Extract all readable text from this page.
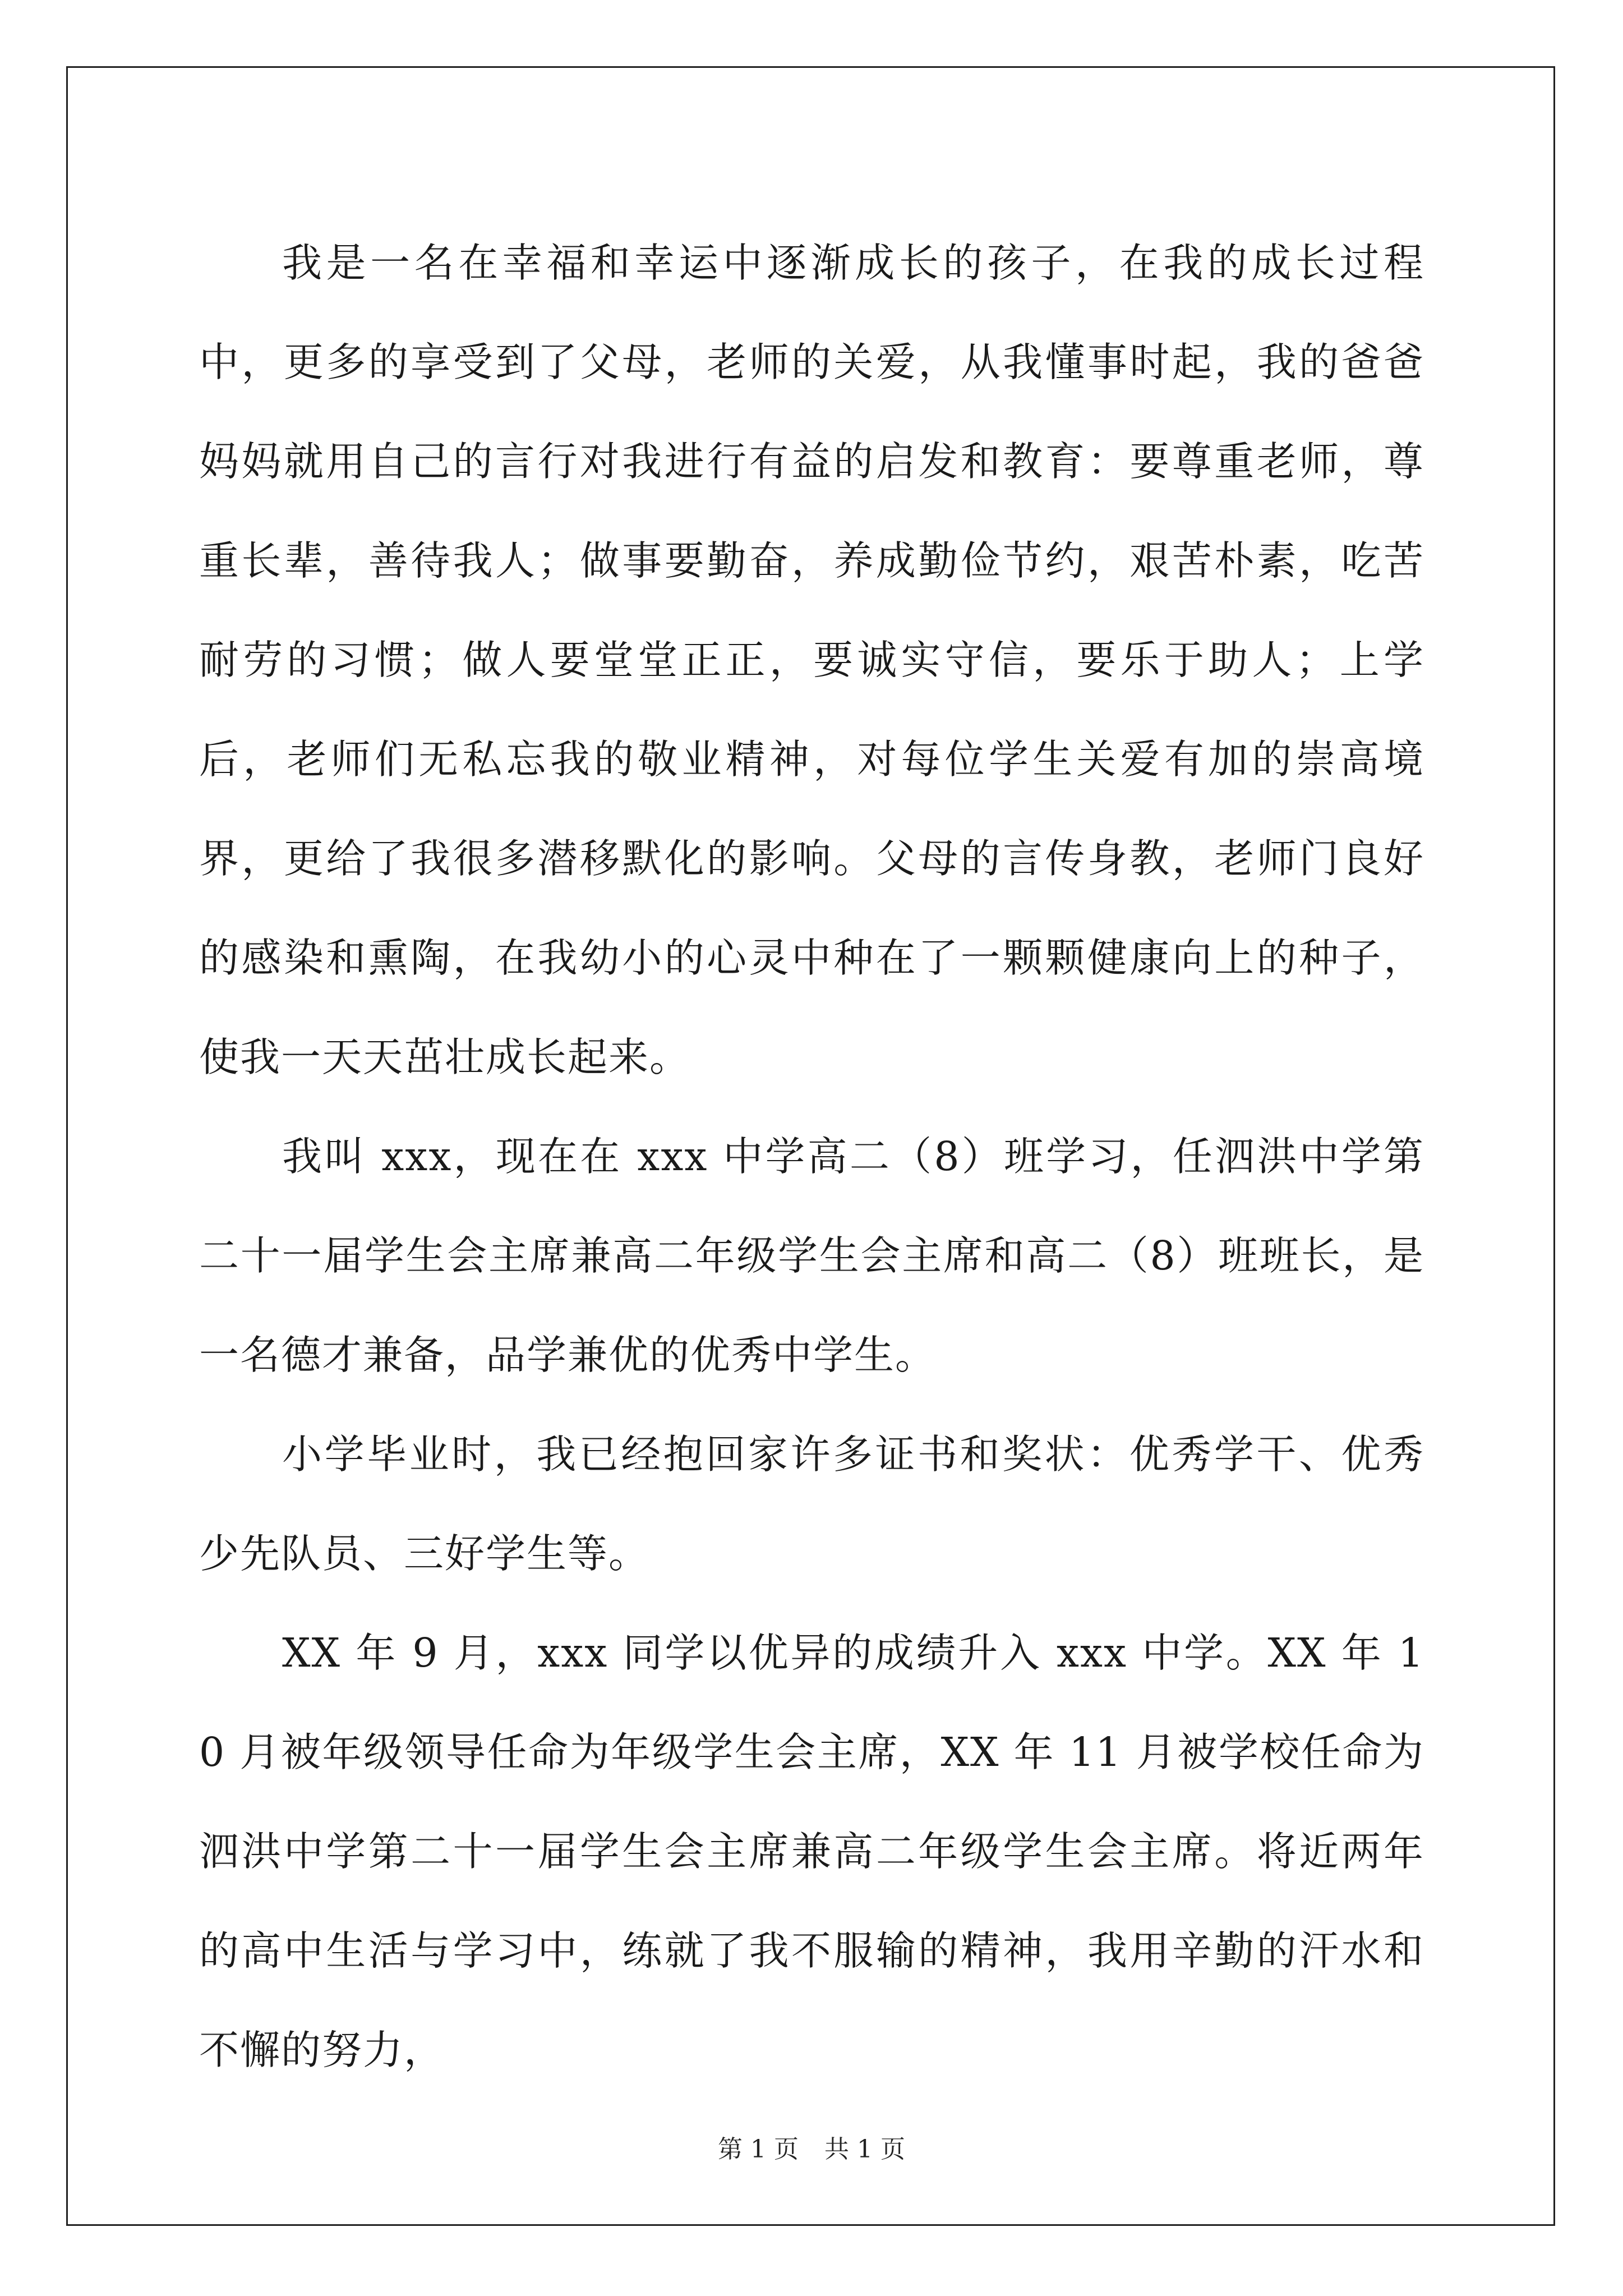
我是一名在幸福和幸运中逐渐成长的孩子，在我的成长过程中，更多的享受到了父母，老师的关爱，从我懂事时起，我的爸爸妈妈就用自己的言行对我进行有益的启发和教育：要尊重老师，尊重长辈，善待我人；做事要勤奋，养成勤俭节约，艰苦朴素，吃苦耐劳的习惯；做人要堂堂正正，要诚实守信，要乐于助人；上学后，老师们无私忘我的敬业精神，对每位学生关爱有加的崇高境界，更给了我很多潜移默化的影响。父母的言传身教，老师门良好的感染和熏陶，在我幼小的心灵中种在了一颗颗健康向上的种子，使我一天天茁壮成长起来。

我叫 xxx，现在在 xxx 中学高二（8）班学习，任泗洪中学第二十一届学生会主席兼高二年级学生会主席和高二（8）班班长，是一名德才兼备，品学兼优的优秀中学生。

小学毕业时，我已经抱回家许多证书和奖状：优秀学干、优秀少先队员、三好学生等。

XX 年 9 月，xxx 同学以优异的成绩升入 xxx 中学。XX 年 10 月被年级领导任命为年级学生会主席，XX 年 11 月被学校任命为泗洪中学第二十一届学生会主席兼高二年级学生会主席。将近两年的高中生活与学习中，练就了我不服输的精神，我用辛勤的汗水和不懈的努力，

第 1 页 共 1 页
